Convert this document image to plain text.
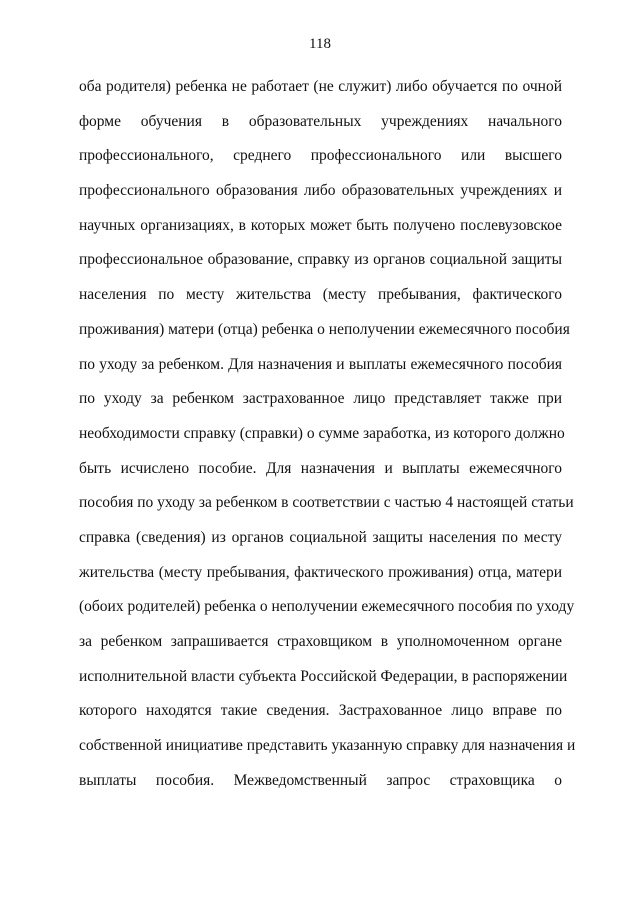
118
оба родителя) ребенка не работает (не служит) либо обучается по очной
форме обучения в образовательных учреждениях начального
профессионального, среднего профессионального или высшего
профессионального образования либо образовательных учреждениях и
научных организациях, в которых может быть получено послевузовское
профессиональное образование, справку из органов социальной защиты
населения по месту жительства (месту пребывания, фактического
проживания) матери (отца) ребенка о неполучении ежемесячного пособия
по уходу за ребенком. Для назначения и выплаты ежемесячного пособия
по уходу за ребенком застрахованное лицо представляет также при
необходимости справку (справки) о сумме заработка, из которого должно
быть исчислено пособие. Для назначения и выплаты ежемесячного
пособия по уходу за ребенком в соответствии с частью 4 настоящей статьи
справка (сведения) из органов социальной защиты населения по месту
жительства (месту пребывания, фактического проживания) отца, матери
(обоих родителей) ребенка о неполучении ежемесячного пособия по уходу
за ребенком запрашивается страховщиком в уполномоченном органе
исполнительной власти субъекта Российской Федерации, в распоряжении
которого находятся такие сведения. Застрахованное лицо вправе по
собственной инициативе представить указанную справку для назначения и
выплаты пособия. Межведомственный запрос страховщика о
